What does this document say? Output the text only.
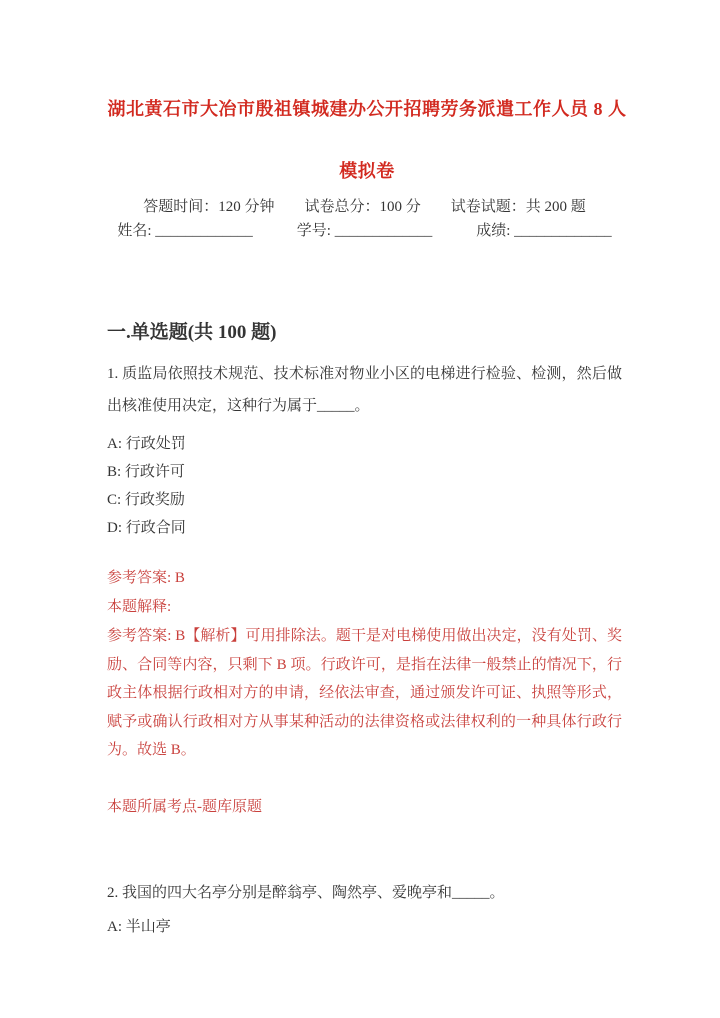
湖北黄石市大冶市殷祖镇城建办公开招聘劳务派遣工作人员 8 人模拟卷
答题时间：120 分钟 试卷总分：100 分 试卷试题：共 200 题
姓名: _____________	学号: _____________	成绩: _____________
一.单选题(共 100 题)
1. 质监局依照技术规范、技术标准对物业小区的电梯进行检验、检测，然后做出核准使用决定，这种行为属于_____。
A: 行政处罚
B: 行政许可
C: 行政奖励
D: 行政合同
参考答案: B
本题解释:
参考答案: B【解析】可用排除法。题干是对电梯使用做出决定，没有处罚、奖励、合同等内容，只剩下 B 项。行政许可，是指在法律一般禁止的情况下，行政主体根据行政相对方的申请，经依法审查，通过颁发许可证、执照等形式，赋予或确认行政相对方从事某种活动的法律资格或法律权利的一种具体行政行为。故选 B。
本题所属考点-题库原题
2. 我国的四大名亭分别是醉翁亭、陶然亭、爱晚亭和_____。
A: 半山亭
